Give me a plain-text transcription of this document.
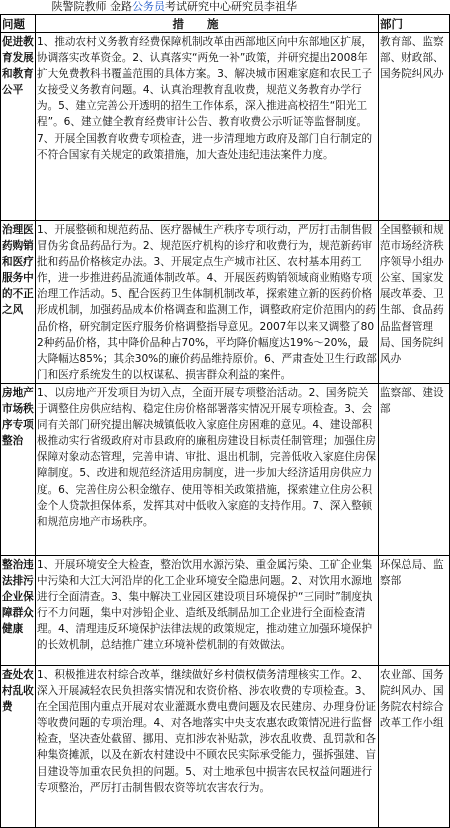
陕警院教师 金路公务员考试研究中心研究员李祖华
问题	措施	部门
促进教育发展和教育公平	1、推动农村义务教育经费保障机制改革由西部地区向中东部地区扩展，协调落实改革资金。2、认真落实“两免一补”政策，并研究提出2008年扩大免费教科书覆盖范围的具体方案。3、解决城市困难家庭和农民工子女接受义务教育问题。4、认真治理教育乱收费，规范义务教育办学行为。5、建立完善公开透明的招生工作体系，深入推进高校招生“阳光工程”。6、建立健全教育经费审计公告、教育收费公示听证等监督制度。7、开展全国教育收费专项检查，进一步清理地方政府及部门自行制定的不符合国家有关规定的政策措施，加大查处违纪违法案件力度。	教育部、监察部、财政部、国务院纠风办
治理医药购销和医疗服务中的不正之风	1、开展整顿和规范药品、医疗器械生产秩序专项行动，严厉打击制售假冒伪劣食品药品行为。2、规范医疗机构的诊疗和收费行为，规范新药审批和药品价格核定办法。3、开展定点生产城市社区、农村基本用药工作，进一步推进药品流通体制改革。4、开展医药购销领域商业贿赂专项治理工作活动。5、配合医药卫生体制机制改革，探索建立新的医药价格形成机制，加强药品成本价格调查和监测工作，调整政府定价范围内的药品价格，研究制定医疗服务价格调整指导意见。2007年以来又调整了802种药品价格，其中降价品种占70%，平均降价幅度达19%～20%，最大降幅达85%；其余30%的廉价药品维持原价。6、严肃查处卫生行政部门和医疗系统发生的以权谋私、损害群众利益的案件。	全国整顿和规范市场经济秩序领导小组办公室、国家发展改革委、卫生部、食品药品监督管理局、国务院纠风办
房地产市场秩序专项整治	1、以房地产开发项目为切入点，全面开展专项整治活动。2、国务院关于调整住房供应结构、稳定住房价格部署落实情况开展专项检查。3、会同有关部门研究提出解决城镇低收入家庭住房困难的意见。4、建设部积极推动实行省级政府对市县政府的廉租房建设目标责任制管理；加强住房保障对象动态管理，完善申请、审批、退出机制，完善低收入家庭住房保障制度。5、改进和规范经济适用房制度，进一步加大经济适用房供应力度。6、完善住房公积金缴存、使用等相关政策措施，探索建立住房公积金个人贷款担保体系，发挥其对中低收入家庭的支持作用。7、深入整顿和规范房地产市场秩序。	监察部、建设部
整治违法排污企业保障群众健康	1、开展环境安全大检查，整治饮用水源污染、重金属污染、工矿企业集中污染和大江大河沿岸的化工企业环境安全隐患问题。2、对饮用水源地进行全面清查。3、集中解决工业园区建设项目环境保护“三同时”制度执行不力问题，集中对涉铅企业、造纸及纸制品加工企业进行全面检查清理。4、清理违反环境保护法律法规的政策规定，推动建立加强环境保护的长效机制，总结推广建立环境补偿机制的有效做法。	环保总局、监察部
查处农村乱收费	1、积极推进农村综合改革，继续做好乡村债权债务清理核实工作。2、深入开展减轻农民负担落实情况和农资价格、涉农收费的专项检查。3、在全国范围内重点开展对农业灌溉水费电费问题及农民建房、办理身份证等收费问题的专项治理。4、对各地落实中央支农惠农政策情况进行监督检查，坚决查处截留、挪用、克扣涉农补贴款，涉农乱收费、乱罚款和各种集资摊派，以及在新农村建设中不顾农民实际承受能力，强拆强建、盲目建设等加重农民负担的问题。5、对土地承包中损害农民权益问题进行专项整治，严厉打击制售假农资等坑农害农行为。	农业部、国务院纠风办、国务院农村综合改革工作小组
